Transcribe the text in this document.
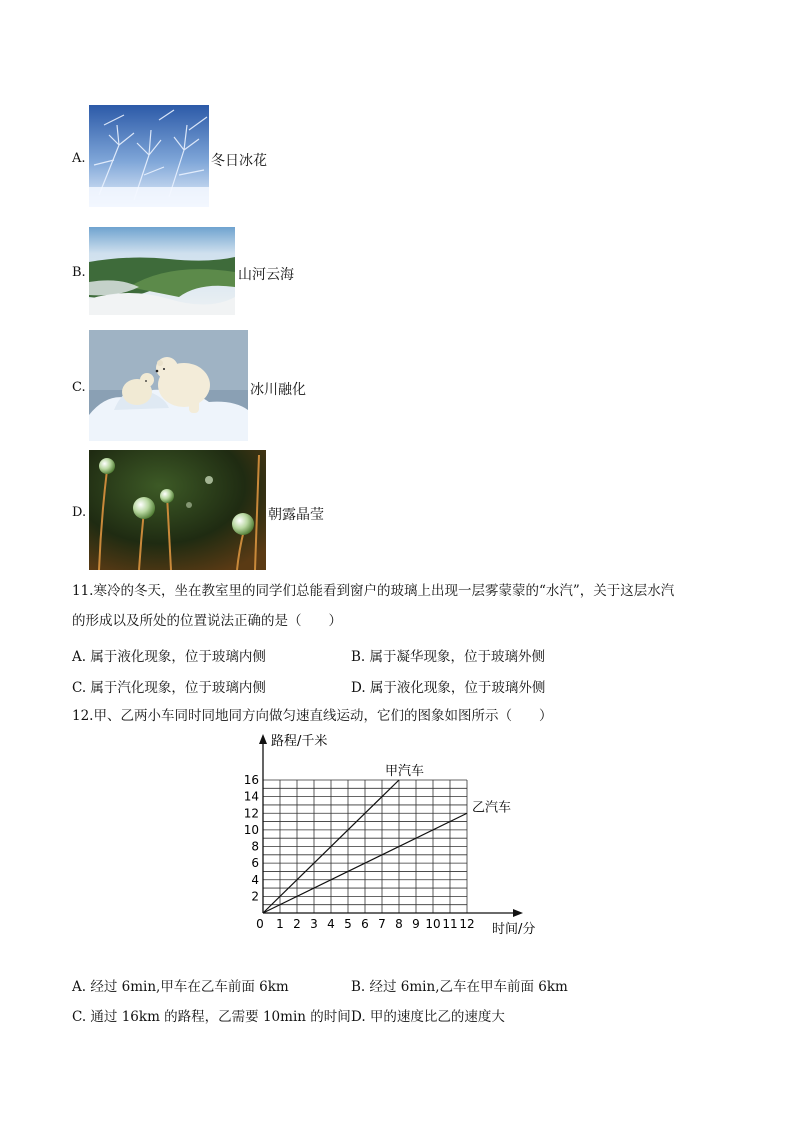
A.	冬日冰花
B.	山河云海
C.	冰川融化
D.	朝露晶莹
11.寒冷的冬天，坐在教室里的同学们总能看到窗户的玻璃上出现一层雾蒙蒙的“水汽”，关于这层水汽
的形成以及所处的位置说法正确的是（　　）
A. 属于液化现象，位于玻璃内侧	B. 属于凝华现象，位于玻璃外侧
C. 属于汽化现象，位于玻璃内侧	D. 属于液化现象，位于玻璃外侧
12.甲、乙两小车同时同地同方向做匀速直线运动，它们的图象如图所示（　　）
0 1 2 3 4 5 6 7 8 9 10 11 12
2
4
6
8
10
12
14
16
路程/千米
时间/分
甲汽车
乙汽车
A. 经过 6min,甲车在乙车前面 6km	B. 经过 6min,乙车在甲车前面 6km
C. 通过 16km 的路程，乙需要 10min 的时间 D. 甲的速度比乙的速度大
